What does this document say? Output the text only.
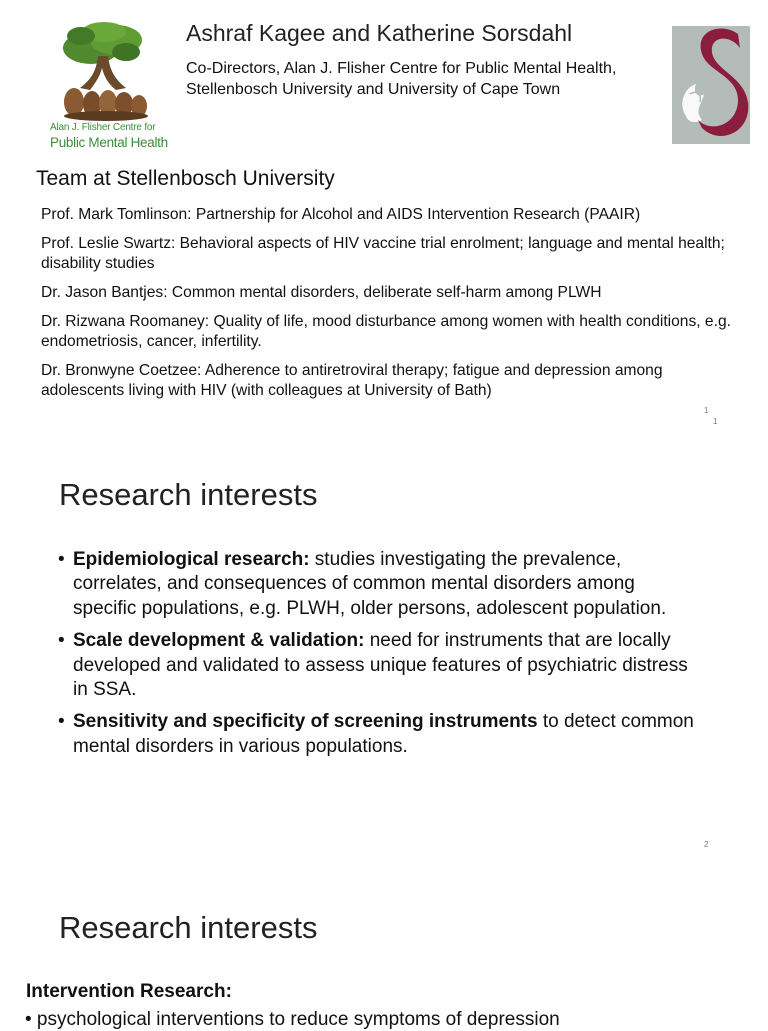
Alan J. Flisher Centre for
Public Mental Health
Ashraf Kagee and Katherine Sorsdahl
Co-Directors, Alan J. Flisher Centre for Public Mental Health, Stellenbosch University and University of Cape Town
Team at Stellenbosch University
Prof. Mark Tomlinson: Partnership for Alcohol and AIDS Intervention Research (PAAIR)
Prof. Leslie Swartz: Behavioral aspects of HIV vaccine trial enrolment; language and mental health; disability studies
Dr. Jason Bantjes: Common mental disorders, deliberate self-harm among PLWH
Dr. Rizwana Roomaney: Quality of life, mood disturbance among women with health conditions, e.g. endometriosis, cancer, infertility.
Dr. Bronwyne Coetzee: Adherence to antiretroviral therapy; fatigue and depression among adolescents living with HIV (with colleagues at University of Bath)
1
1
Research interests
• Epidemiological research: studies investigating the prevalence, correlates, and consequences of common mental disorders among specific populations, e.g. PLWH, older persons, adolescent population.
• Scale development & validation: need for instruments that are locally developed and validated to assess unique features of psychiatric distress in SSA.
• Sensitivity and specificity of screening instruments to detect common mental disorders in various populations.
2
Research interests
Intervention Research:
• psychological interventions to reduce symptoms of depression
